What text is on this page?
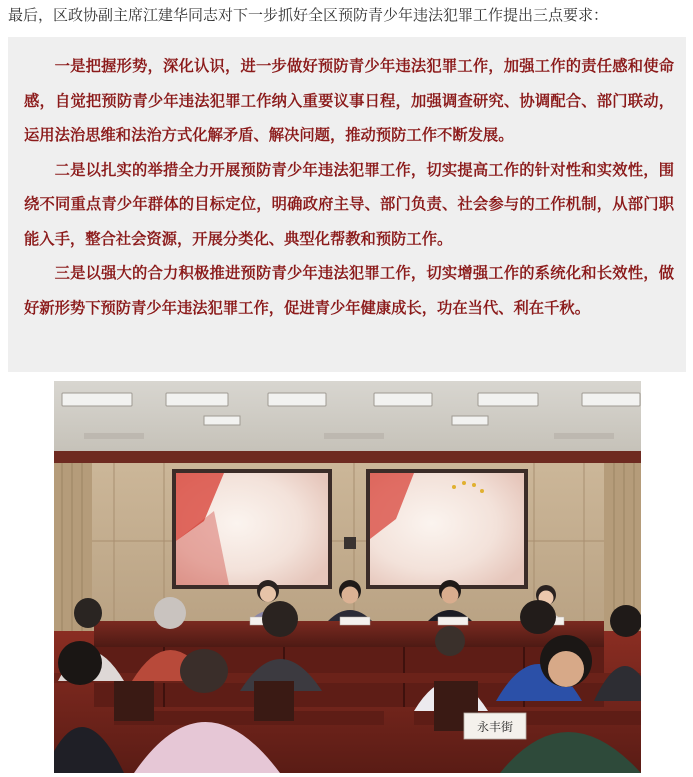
最后，区政协副主席江建华同志对下一步抓好全区预防青少年违法犯罪工作提出三点要求：

一是把握形势，深化认识，进一步做好预防青少年违法犯罪工作，加强工作的责任感和使命感，自觉把预防青少年违法犯罪工作纳入重要议事日程，加强调查研究、协调配合、部门联动，运用法治思维和法治方式化解矛盾、解决问题，推动预防工作不断发展。

二是以扎实的举措全力开展预防青少年违法犯罪工作，切实提高工作的针对性和实效性，围绕不同重点青少年群体的目标定位，明确政府主导、部门负责、社会参与的工作机制，从部门职能入手，整合社会资源，开展分类化、典型化帮教和预防工作。

三是以强大的合力积极推进预防青少年违法犯罪工作，切实增强工作的系统化和长效性，做好新形势下预防青少年违法犯罪工作，促进青少年健康成长，功在当代、利在千秋。

永丰街
